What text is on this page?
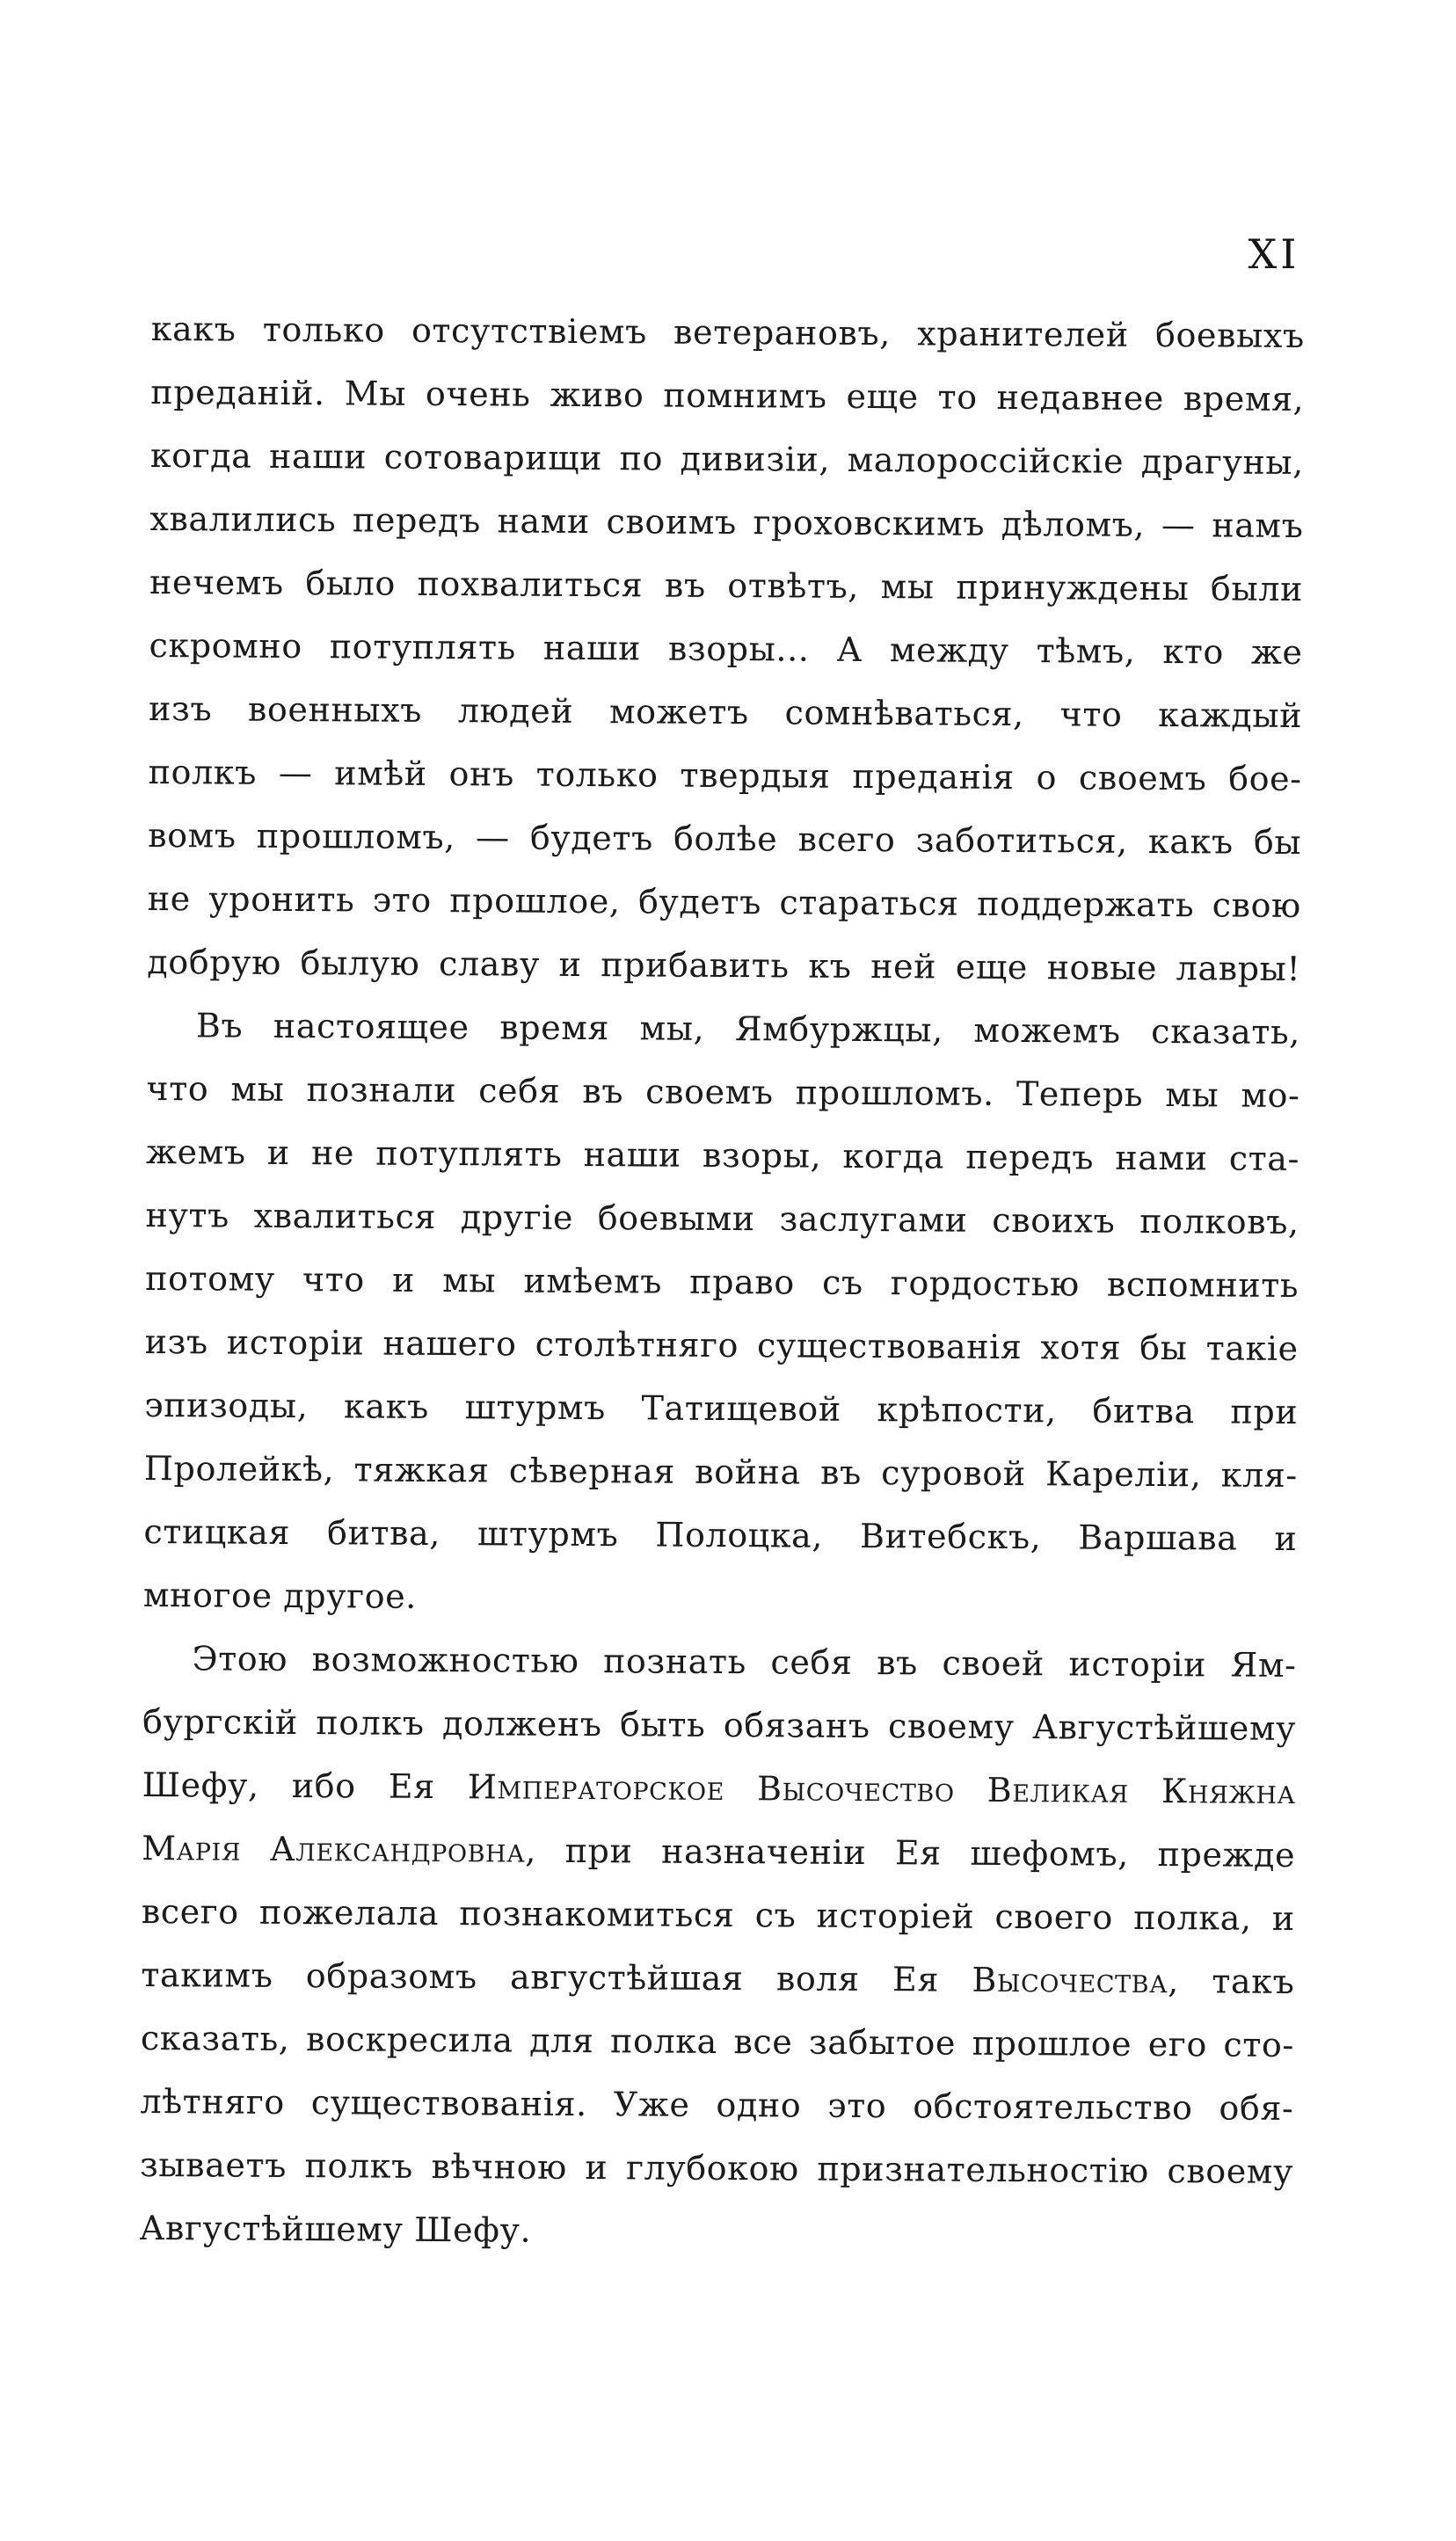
XI
какъ только отсутствіемъ ветерановъ, хранителей боевыхъ
преданій. Мы очень живо помнимъ еще то недавнее время,
когда наши сотоварищи по дивизіи, малороссійскіе драгуны,
хвалились передъ нами своимъ гроховскимъ дѣломъ, — намъ
нечемъ было похвалиться въ отвѣтъ, мы принуждены были
скромно потуплять наши взоры... А между тѣмъ, кто же
изъ военныхъ людей можетъ сомнѣваться, что каждый
полкъ — имѣй онъ только твердыя преданія о своемъ бое-
вомъ прошломъ, — будетъ болѣе всего заботиться, какъ бы
не уронить это прошлое, будетъ стараться поддержать свою
добрую былую славу и прибавить къ ней еще новые лавры!
Въ настоящее время мы, Ямбуржцы, можемъ сказать,
что мы познали себя въ своемъ прошломъ. Теперь мы мо-
жемъ и не потуплять наши взоры, когда передъ нами ста-
нутъ хвалиться другіе боевыми заслугами своихъ полковъ,
потому что и мы имѣемъ право съ гордостью вспомнить
изъ исторіи нашего столѣтняго существованія хотя бы такіе
эпизоды, какъ штурмъ Татищевой крѣпости, битва при
Пролейкѣ, тяжкая сѣверная война въ суровой Кареліи, кля-
стицкая битва, штурмъ Полоцка, Витебскъ, Варшава и
многое другое.
Этою возможностью познать себя въ своей исторіи Ям-
бургскій полкъ долженъ быть обязанъ своему Августѣйшему
Шефу, ибо Ея Императорское Высочество Великая Княжна
Марія Александровна, при назначеніи Ея шефомъ, прежде
всего пожелала познакомиться съ исторіей своего полка, и
такимъ образомъ августѣйшая воля Ея Высочества, такъ
сказать, воскресила для полка все забытое прошлое его сто-
лѣтняго существованія. Уже одно это обстоятельство обя-
зываетъ полкъ вѣчною и глубокою признательностію своему
Августѣйшему Шефу.
